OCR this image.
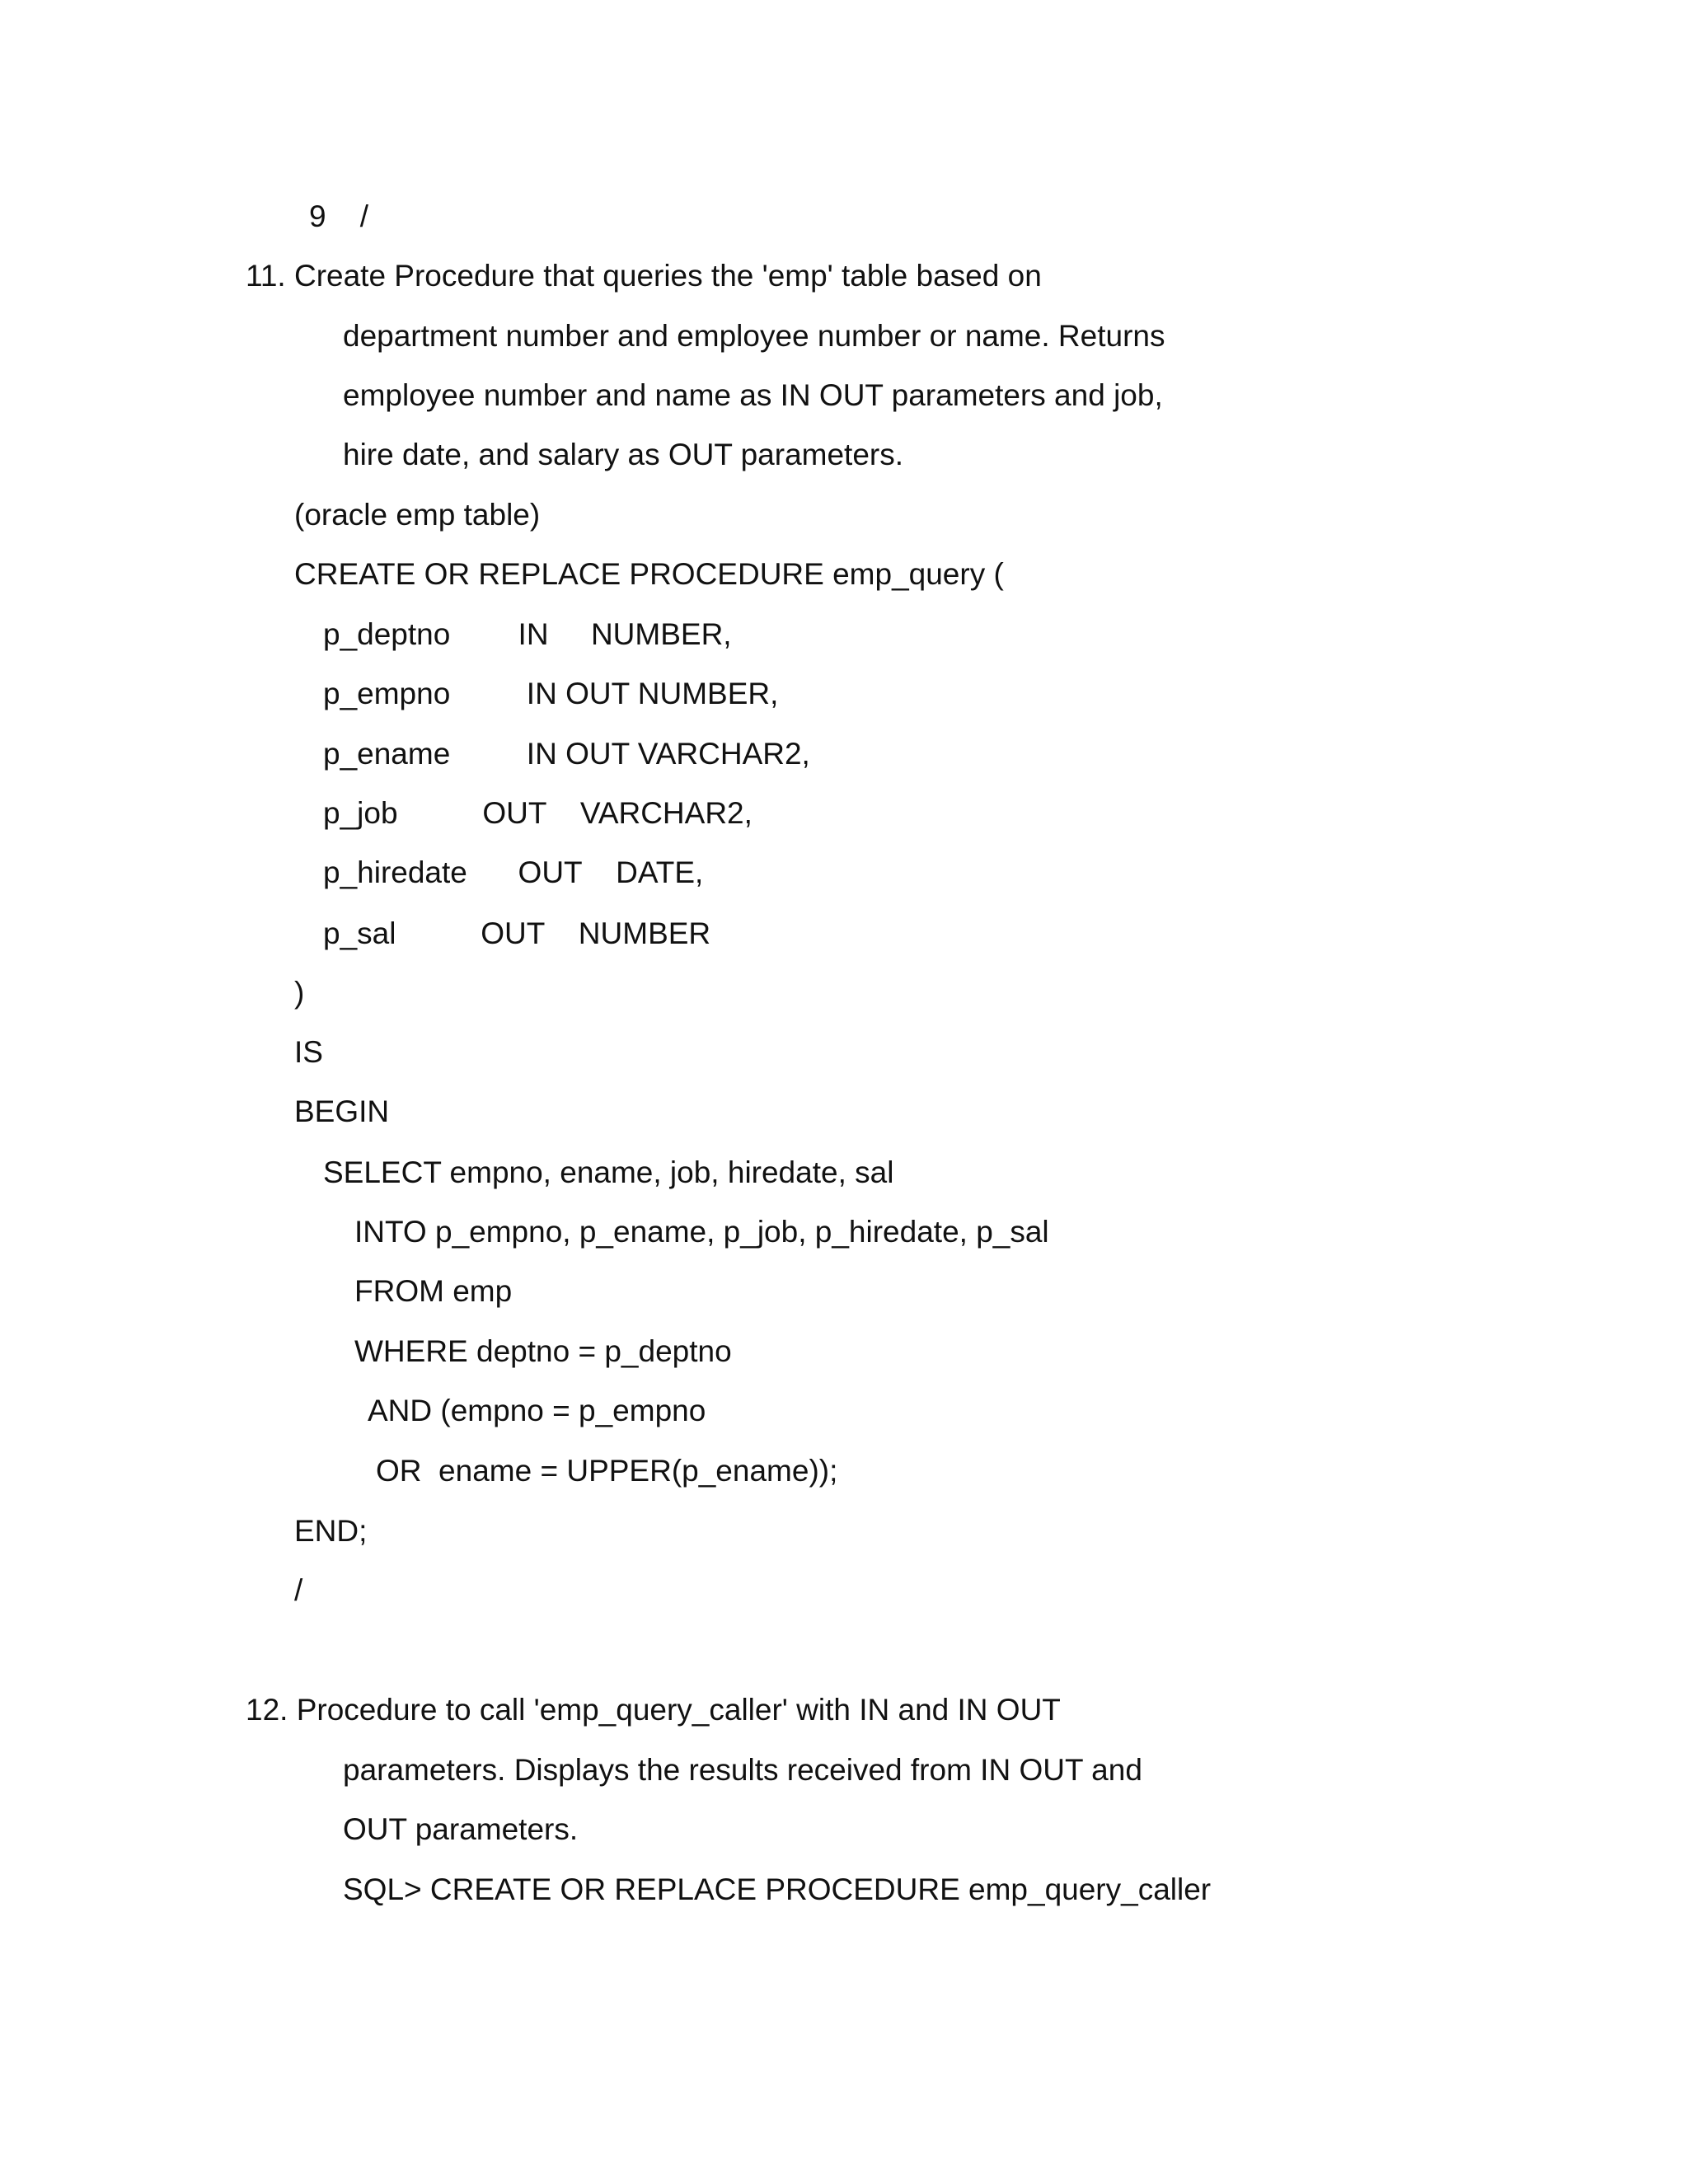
9    /
11. Create Procedure that queries the 'emp' table based on
department number and employee number or name. Returns
employee number and name as IN OUT parameters and job,
hire date, and salary as OUT parameters.
(oracle emp table)
CREATE OR REPLACE PROCEDURE emp_query (
p_deptno        IN     NUMBER,
p_empno         IN OUT NUMBER,
p_ename         IN OUT VARCHAR2,
p_job          OUT    VARCHAR2,
p_hiredate      OUT    DATE,
p_sal          OUT    NUMBER
)
IS
BEGIN
SELECT empno, ename, job, hiredate, sal
INTO p_empno, p_ename, p_job, p_hiredate, p_sal
FROM emp
WHERE deptno = p_deptno
AND (empno = p_empno
OR  ename = UPPER(p_ename));
END;
/
12. Procedure to call 'emp_query_caller' with IN and IN OUT
parameters. Displays the results received from IN OUT and
OUT parameters.
SQL> CREATE OR REPLACE PROCEDURE emp_query_caller
